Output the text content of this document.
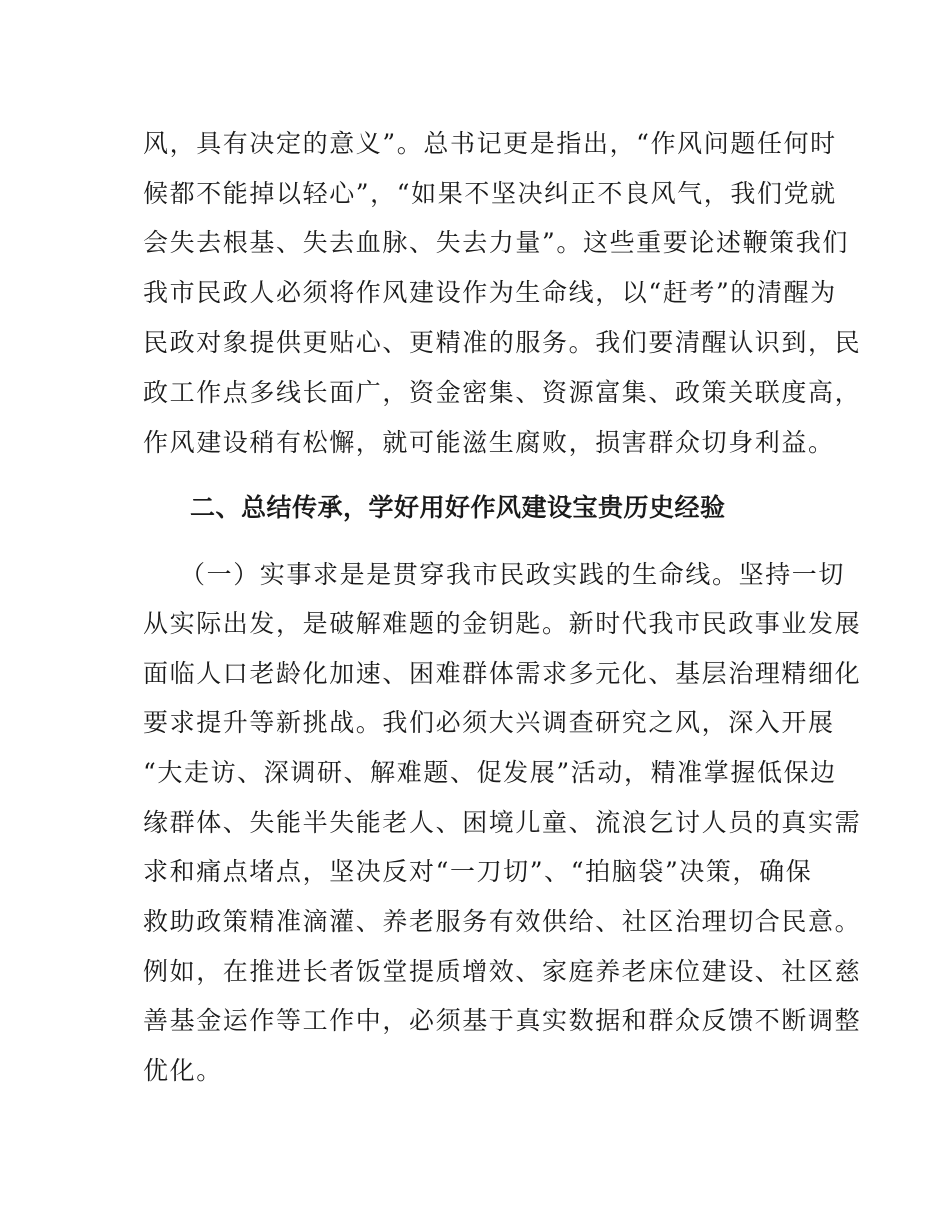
风，具有决定的意义”。总书记更是指出，“作风问题任何时
候都不能掉以轻心”，“如果不坚决纠正不良风气，我们党就
会失去根基、失去血脉、失去力量”。这些重要论述鞭策我们
我市民政人必须将作风建设作为生命线，以“赶考”的清醒为
民政对象提供更贴心、更精准的服务。我们要清醒认识到，民
政工作点多线长面广，资金密集、资源富集、政策关联度高，
作风建设稍有松懈，就可能滋生腐败，损害群众切身利益。
二、总结传承，学好用好作风建设宝贵历史经验
（一）实事求是是贯穿我市民政实践的生命线。坚持一切
从实际出发，是破解难题的金钥匙。新时代我市民政事业发展
面临人口老龄化加速、困难群体需求多元化、基层治理精细化
要求提升等新挑战。我们必须大兴调查研究之风，深入开展
“大走访、深调研、解难题、促发展”活动，精准掌握低保边
缘群体、失能半失能老人、困境儿童、流浪乞讨人员的真实需
求和痛点堵点，坚决反对“一刀切”、“拍脑袋”决策，确保
救助政策精准滴灌、养老服务有效供给、社区治理切合民意。
例如，在推进长者饭堂提质增效、家庭养老床位建设、社区慈
善基金运作等工作中，必须基于真实数据和群众反馈不断调整
优化。
